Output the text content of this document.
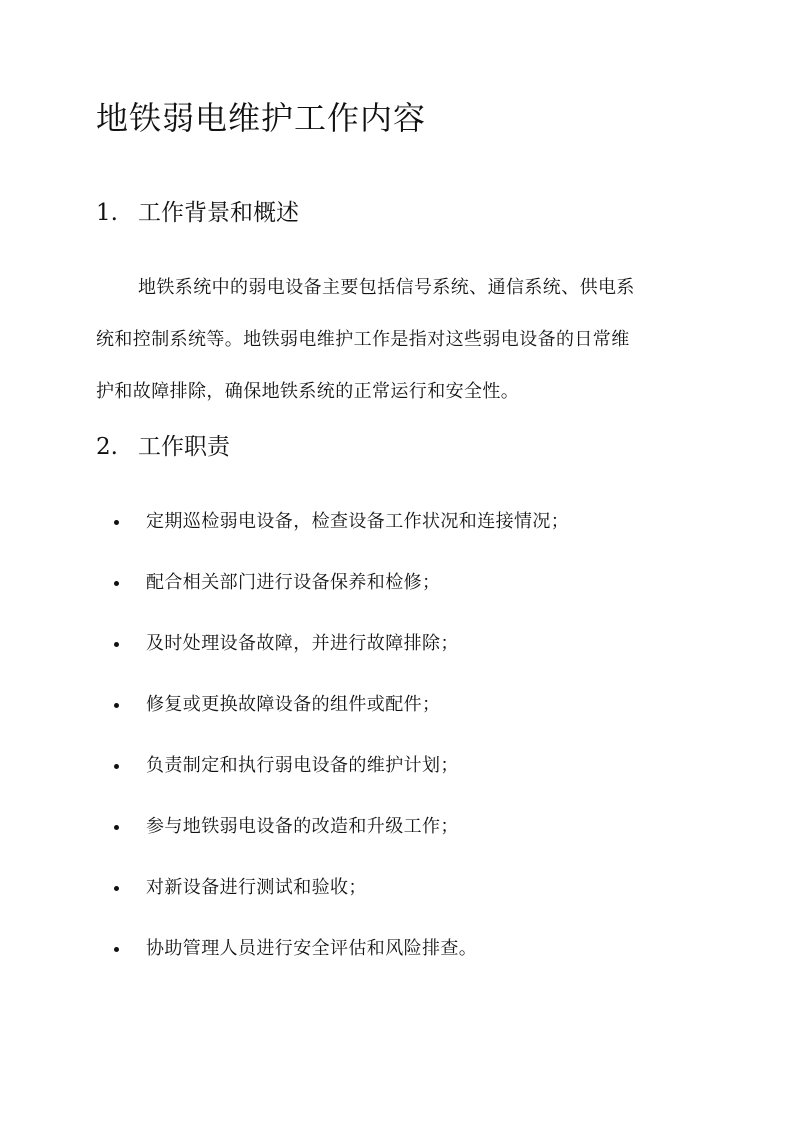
地铁弱电维护工作内容
1. 工作背景和概述

地铁系统中的弱电设备主要包括信号系统、通信系统、供电系
统和控制系统等。地铁弱电维护工作是指对这些弱电设备的日常维
护和故障排除，确保地铁系统的正常运行和安全性。

2. 工作职责
定期巡检弱电设备，检查设备工作状况和连接情况；
配合相关部门进行设备保养和检修；
及时处理设备故障，并进行故障排除；
修复或更换故障设备的组件或配件；
负责制定和执行弱电设备的维护计划；
参与地铁弱电设备的改造和升级工作；
对新设备进行测试和验收；
协助管理人员进行安全评估和风险排查。
